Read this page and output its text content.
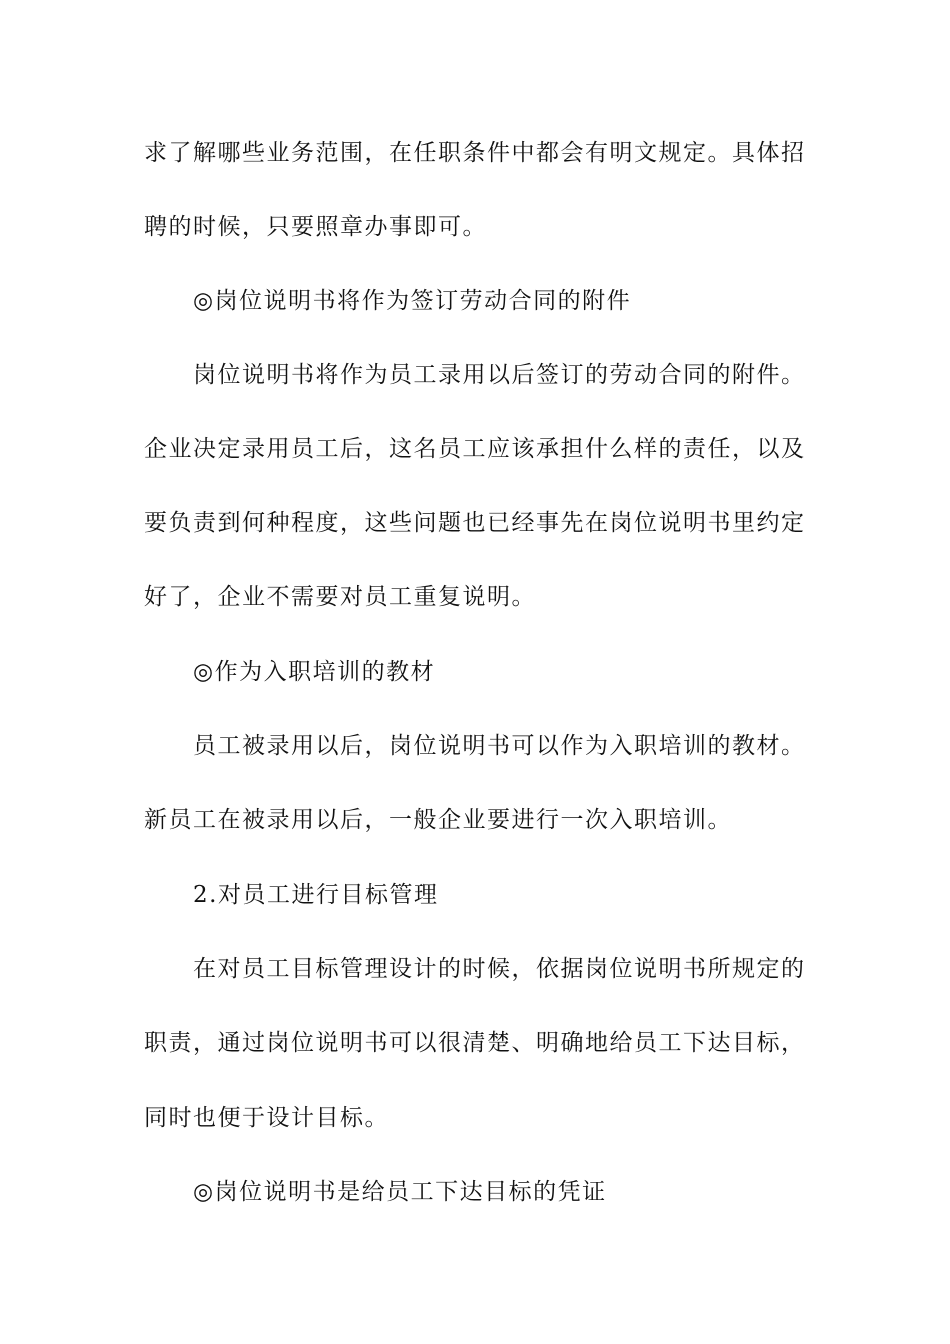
求了解哪些业务范围，在任职条件中都会有明文规定。具体招
聘的时候，只要照章办事即可。
◎岗位说明书将作为签订劳动合同的附件
岗位说明书将作为员工录用以后签订的劳动合同的附件。
企业决定录用员工后，这名员工应该承担什么样的责任，以及
要负责到何种程度，这些问题也已经事先在岗位说明书里约定
好了，企业不需要对员工重复说明。
◎作为入职培训的教材
员工被录用以后，岗位说明书可以作为入职培训的教材。
新员工在被录用以后，一般企业要进行一次入职培训。
2.对员工进行目标管理
在对员工目标管理设计的时候，依据岗位说明书所规定的
职责，通过岗位说明书可以很清楚、明确地给员工下达目标，
同时也便于设计目标。
◎岗位说明书是给员工下达目标的凭证
